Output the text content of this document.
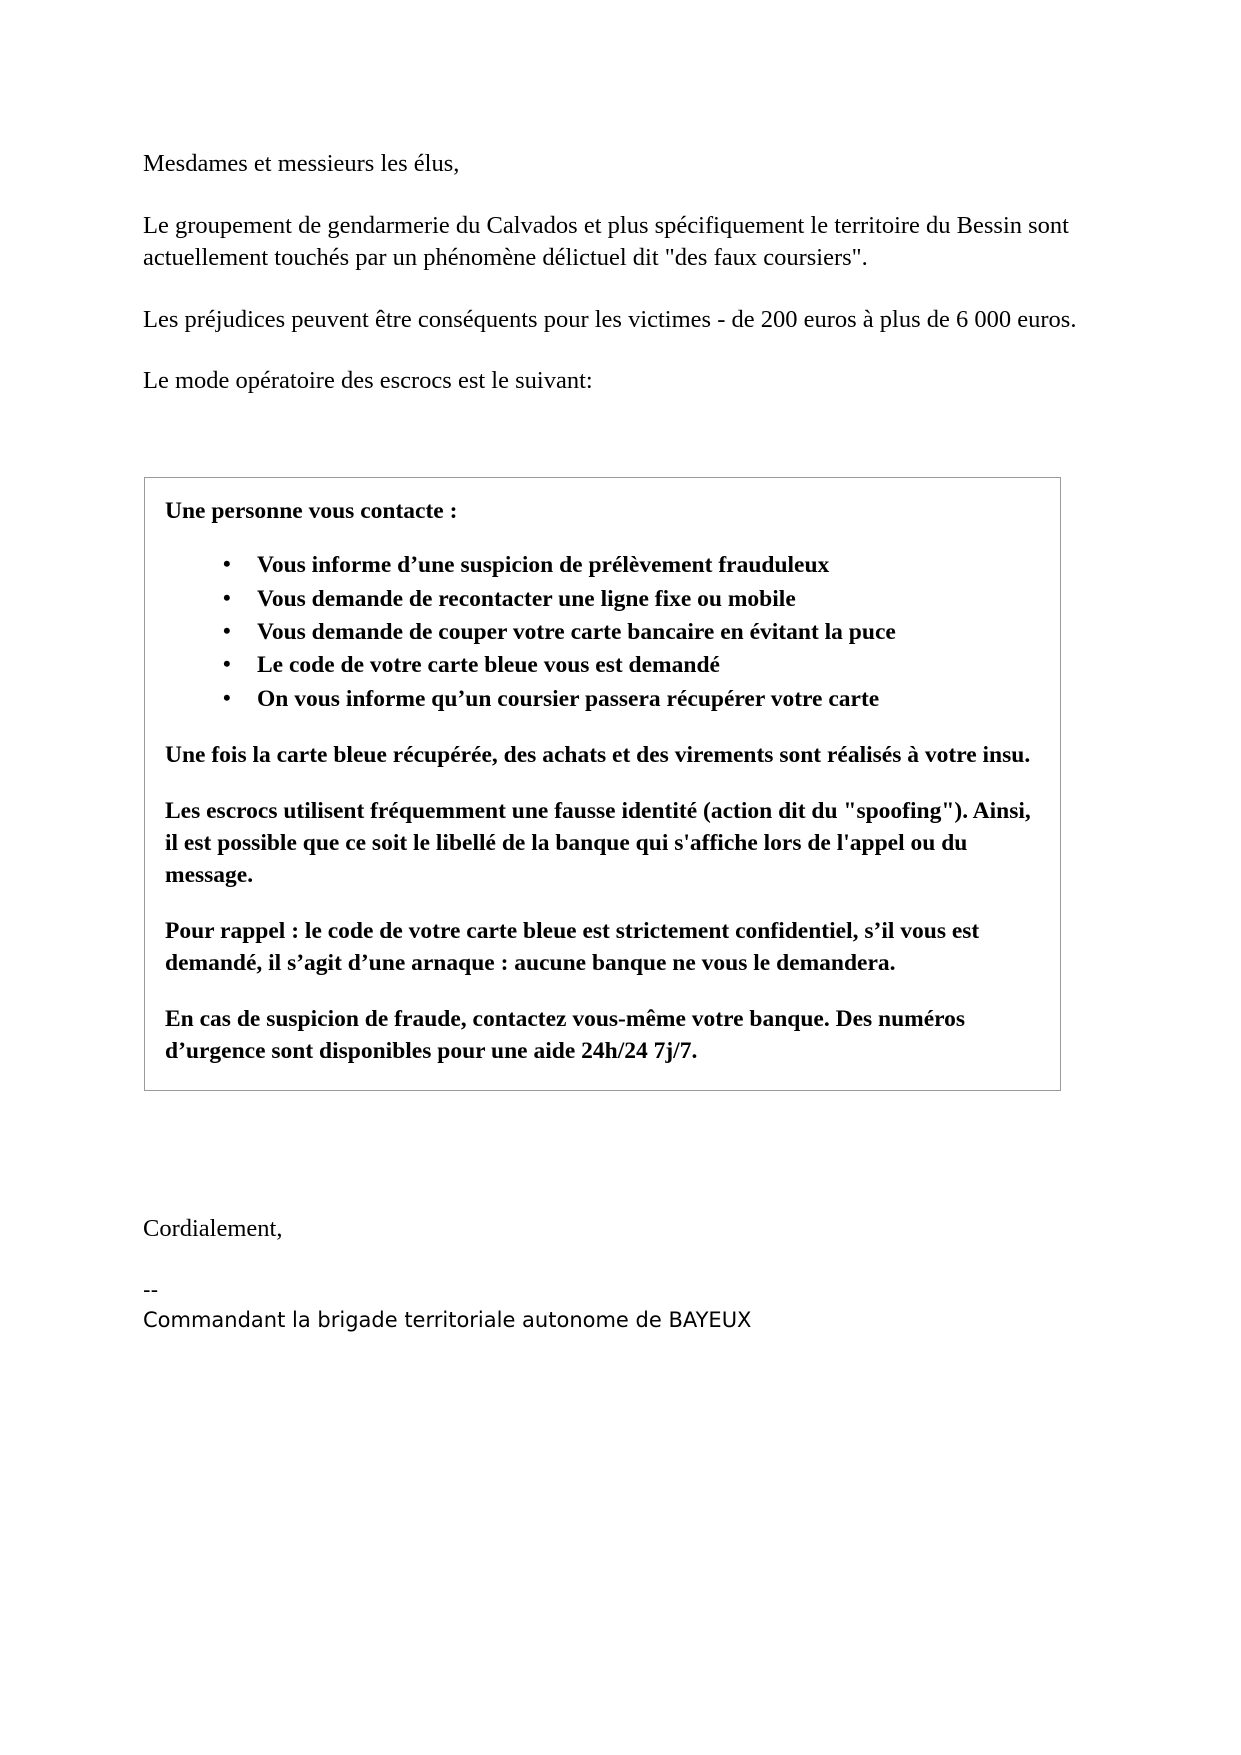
Mesdames et messieurs les élus,

Le groupement de gendarmerie du Calvados et plus spécifiquement le territoire du Bessin sont actuellement touchés par un phénomène délictuel dit "des faux coursiers".

Les préjudices peuvent être conséquents pour les victimes - de 200 euros à plus de 6 000 euros.

Le mode opératoire des escrocs est le suivant:

Une personne vous contacte :

• Vous informe d’une suspicion de prélèvement frauduleux
• Vous demande de recontacter une ligne fixe ou mobile
• Vous demande de couper votre carte bancaire en évitant la puce
• Le code de votre carte bleue vous est demandé
• On vous informe qu’un coursier passera récupérer votre carte

Une fois la carte bleue récupérée, des achats et des virements sont réalisés à votre insu.

Les escrocs utilisent fréquemment une fausse identité (action dit du "spoofing"). Ainsi, il est possible que ce soit le libellé de la banque qui s'affiche lors de l'appel ou du message.

Pour rappel : le code de votre carte bleue est strictement confidentiel, s’il vous est demandé, il s’agit d’une arnaque : aucune banque ne vous le demandera.

En cas de suspicion de fraude, contactez vous-même votre banque. Des numéros d’urgence sont disponibles pour une aide 24h/24 7j/7.

Cordialement,

--
Commandant la brigade territoriale autonome de BAYEUX
